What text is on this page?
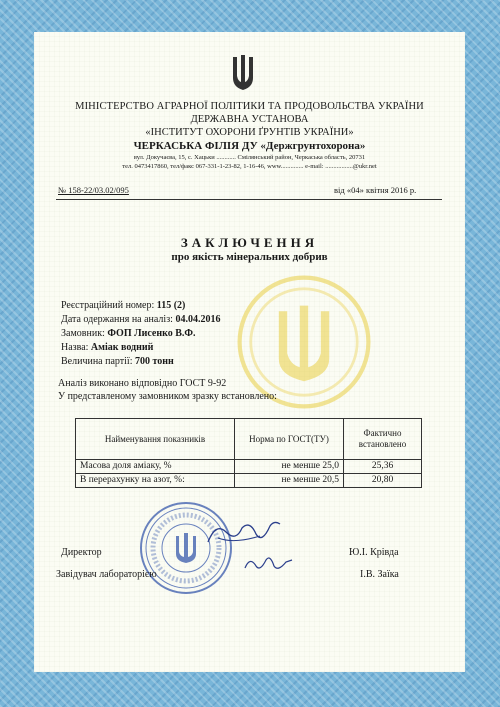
МІНІСТЕРСТВО АГРАРНОЇ ПОЛІТИКИ ТА ПРОДОВОЛЬСТВА УКРАЇНИ
ДЕРЖАВНА УСТАНОВА
«ІНСТИТУТ ОХОРОНИ ҐРУНТІВ УКРАЇНИ»
ЧЕРКАСЬКА ФІЛІЯ ДУ «Держгрунтохорона»
вул. Докучаєва, 15, с. Хацьки ............ Смілянський район, Черкаська область, 20731
тел. 0473417860, тел/факс 067-331-1-23-82, 1-16-46, www.............. e-mail: .................@ukr.net
№ 158-22/03.02/095	від «04» квітня 2016 р.
ЗАКЛЮЧЕННЯ
про якість мінеральних добрив
Реєстраційний номер: 115 (2)
Дата одержання на аналіз: 04.04.2016
Замовник: ФОП Лисенко В.Ф.
Назва: Аміак водний
Величина партії: 700 тонн
Аналіз виконано відповідно ГОСТ 9-92
У представленому замовником зразку встановлено:
Найменування показників	Норма по ГОСТ(ТУ)	Фактично встановлено
Масова доля аміаку, %	не менше 25,0	25,36
В перерахунку на азот, %:	не менше 20,5	20,80
Директор	Ю.І. Крівда
Завідувач лабораторією	І.В. Заїка
